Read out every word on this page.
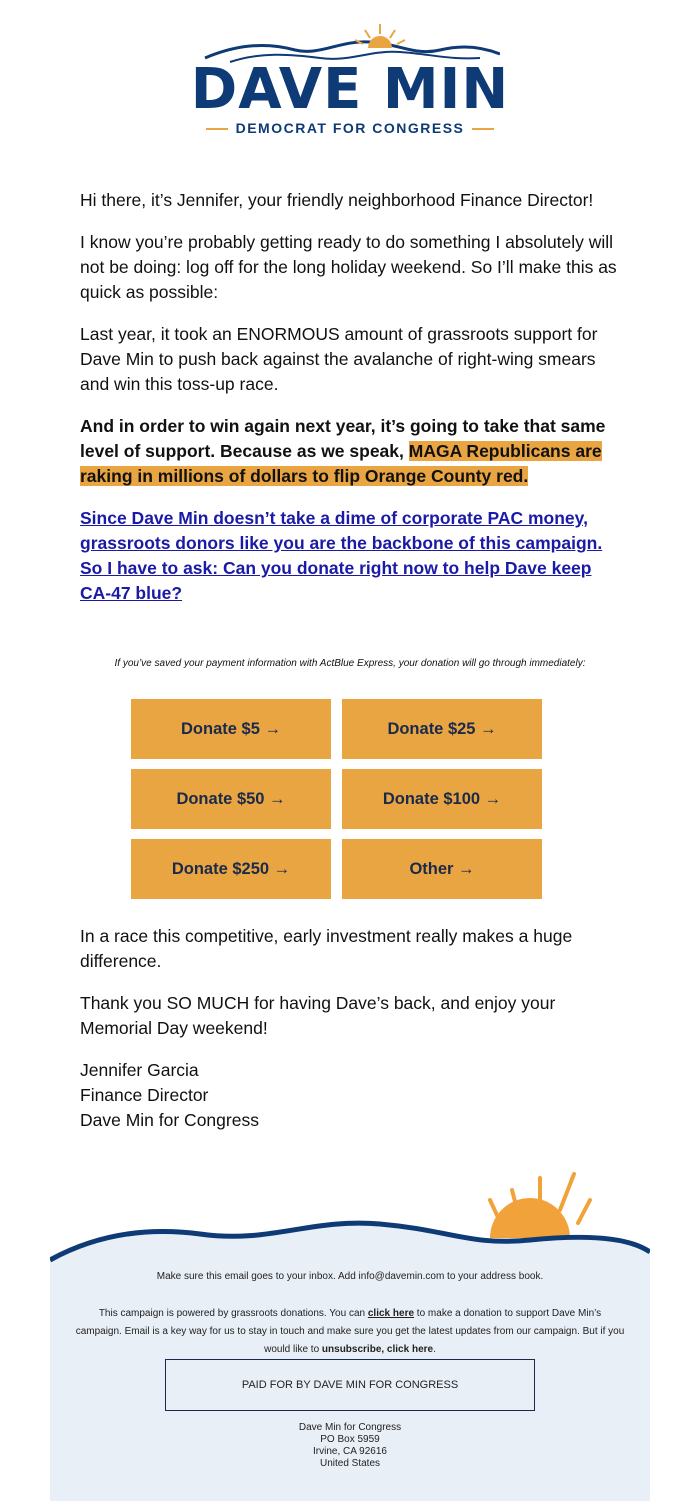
DAVE MIN
DEMOCRAT FOR CONGRESS

Hi there, it’s Jennifer, your friendly neighborhood Finance Director!

I know you’re probably getting ready to do something I absolutely will not be doing: log off for the long holiday weekend. So I’ll make this as quick as possible:

Last year, it took an ENORMOUS amount of grassroots support for Dave Min to push back against the avalanche of right-wing smears and win this toss-up race.

And in order to win again next year, it’s going to take that same level of support. Because as we speak, MAGA Republicans are raking in millions of dollars to flip Orange County red.

Since Dave Min doesn’t take a dime of corporate PAC money, grassroots donors like you are the backbone of this campaign. So I have to ask: Can you donate right now to help Dave keep CA-47 blue?

If you’ve saved your payment information with ActBlue Express, your donation will go through immediately:
Donate $5 →	Donate $25 →
Donate $50 →	Donate $100 →
Donate $250 →	Other →

In a race this competitive, early investment really makes a huge difference.

Thank you SO MUCH for having Dave’s back, and enjoy your Memorial Day weekend!

Jennifer Garcia

Finance Director

Dave Min for Congress

Make sure this email goes to your inbox. Add info@davemin.com to your address book.
This campaign is powered by grassroots donations. You can click here to make a donation to support Dave Min’s campaign. Email is a key way for us to stay in touch and make sure you get the latest updates from our campaign. But if you would like to unsubscribe, click here.
PAID FOR BY DAVE MIN FOR CONGRESS
Dave Min for Congress
PO Box 5959
Irvine, CA 92616
United States
